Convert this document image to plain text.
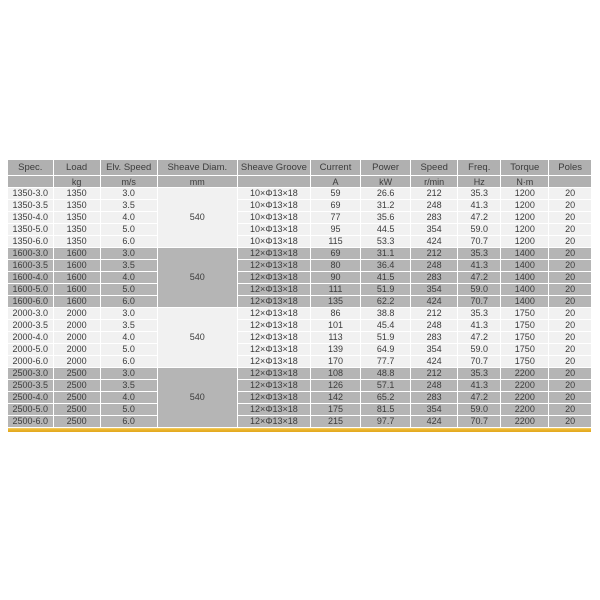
Spec.	Load	Elv. Speed	Sheave Diam.	Sheave Groove	Current	Power	Speed	Freq.	Torque	Poles
	kg	m/s	mm		A	kW	r/min	Hz	N·m	
1350-3.0	1350	3.0	540	10×Φ13×18	59	26.6	212	35.3	1200	20
1350-3.5	1350	3.5		10×Φ13×18	69	31.2	248	41.3	1200	20
1350-4.0	1350	4.0		10×Φ13×18	77	35.6	283	47.2	1200	20
1350-5.0	1350	5.0		10×Φ13×18	95	44.5	354	59.0	1200	20
1350-6.0	1350	6.0		10×Φ13×18	115	53.3	424	70.7	1200	20
1600-3.0	1600	3.0	540	12×Φ13×18	69	31.1	212	35.3	1400	20
1600-3.5	1600	3.5		12×Φ13×18	80	36.4	248	41.3	1400	20
1600-4.0	1600	4.0		12×Φ13×18	90	41.5	283	47.2	1400	20
1600-5.0	1600	5.0		12×Φ13×18	111	51.9	354	59.0	1400	20
1600-6.0	1600	6.0		12×Φ13×18	135	62.2	424	70.7	1400	20
2000-3.0	2000	3.0	540	12×Φ13×18	86	38.8	212	35.3	1750	20
2000-3.5	2000	3.5		12×Φ13×18	101	45.4	248	41.3	1750	20
2000-4.0	2000	4.0		12×Φ13×18	113	51.9	283	47.2	1750	20
2000-5.0	2000	5.0		12×Φ13×18	139	64.9	354	59.0	1750	20
2000-6.0	2000	6.0		12×Φ13×18	170	77.7	424	70.7	1750	20
2500-3.0	2500	3.0	540	12×Φ13×18	108	48.8	212	35.3	2200	20
2500-3.5	2500	3.5		12×Φ13×18	126	57.1	248	41.3	2200	20
2500-4.0	2500	4.0		12×Φ13×18	142	65.2	283	47.2	2200	20
2500-5.0	2500	5.0		12×Φ13×18	175	81.5	354	59.0	2200	20
2500-6.0	2500	6.0		12×Φ13×18	215	97.7	424	70.7	2200	20
